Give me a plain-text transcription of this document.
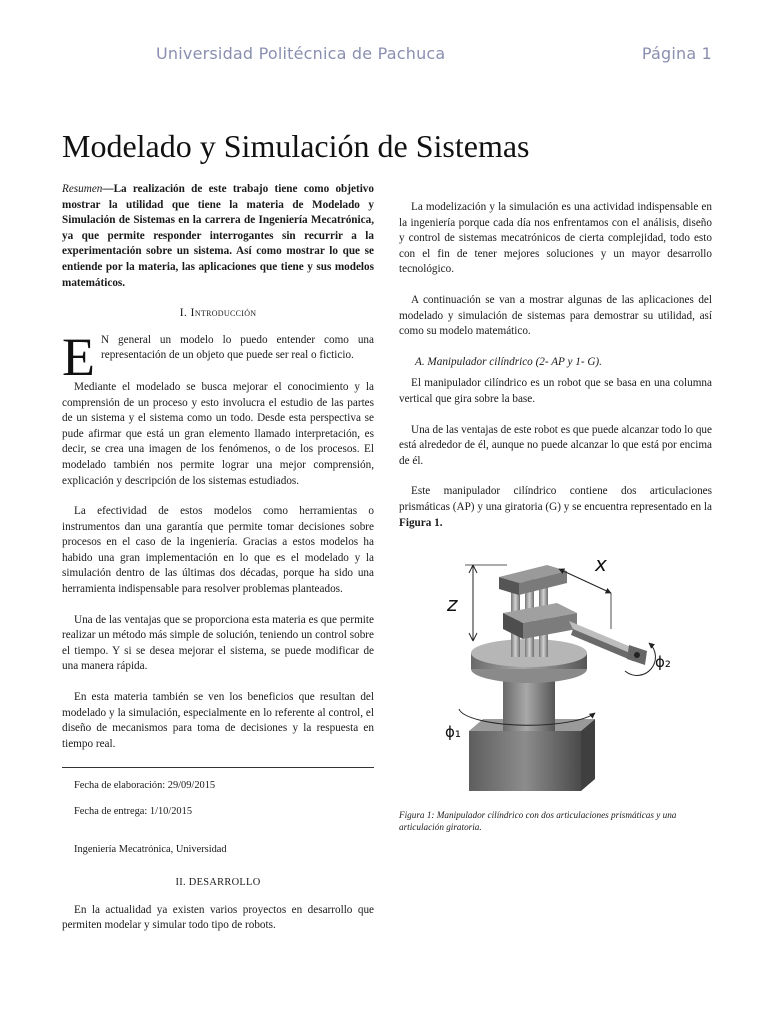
Universidad Politécnica de Pachuca	Página 1
Modelado y Simulación de Sistemas

Resumen—La realización de este trabajo tiene como objetivo mostrar la utilidad que tiene la materia de Modelado y Simulación de Sistemas en la carrera de Ingeniería Mecatrónica, ya que permite responder interrogantes sin recurrir a la experimentación sobre un sistema. Así como mostrar lo que se entiende por la materia, las aplicaciones que tiene y sus modelos matemáticos.

I. Introducción

E N general un modelo lo puedo entender como una representación de un objeto que puede ser real o ficticio.

Mediante el modelado se busca mejorar el conocimiento y la comprensión de un proceso y esto involucra el estudio de las partes de un sistema y el sistema como un todo. Desde esta perspectiva se pude afirmar que está un gran elemento llamado interpretación, es decir, se crea una imagen de los fenómenos, o de los procesos. El modelado también nos permite lograr una mejor comprensión, explicación y descripción de los sistemas estudiados.

La efectividad de estos modelos como herramientas o instrumentos dan una garantía que permite tomar decisiones sobre procesos en el caso de la ingeniería. Gracias a estos modelos ha habido una gran implementación en lo que es el modelado y la simulación dentro de las últimas dos décadas, porque ha sido una herramienta indispensable para resolver problemas planteados.

Una de las ventajas que se proporciona esta materia es que permite realizar un método más simple de solución, teniendo un control sobre el tiempo. Y si se desea mejorar el sistema, se puede modificar de una manera rápida.

En esta materia también se ven los beneficios que resultan del modelado y la simulación, especialmente en lo referente al control, el diseño de mecanismos para toma de decisiones y la respuesta en tiempo real.

Fecha de elaboración: 29/09/2015
Fecha de entrega: 1/10/2015
Ingeniería Mecatrónica, Universidad
II. DESARROLLO

En la actualidad ya existen varios proyectos en desarrollo que permiten modelar y simular todo tipo de robots.

La modelización y la simulación es una actividad indispensable en la ingeniería porque cada día nos enfrentamos con el análisis, diseño y control de sistemas mecatrónicos de cierta complejidad, todo esto con el fin de tener mejores soluciones y un mayor desarrollo tecnológico.

A continuación se van a mostrar algunas de las aplicaciones del modelado y simulación de sistemas para demostrar su utilidad, así como su modelo matemático.

A. Manipulador cilíndrico (2- AP y 1- G).

El manipulador cilíndrico es un robot que se basa en una columna vertical que gira sobre la base.

Una de las ventajas de este robot es que puede alcanzar todo lo que está alrededor de él, aunque no puede alcanzar lo que está por encima de él.

Este manipulador cilíndrico contiene dos articulaciones prismáticas (AP) y una giratoria (G) y se encuentra representado en la Figura 1.

z
x
ϕ₂
ϕ₁

Figura 1: Manipulador cilíndrico con dos articulaciones prismáticas y una articulación giratoria.
